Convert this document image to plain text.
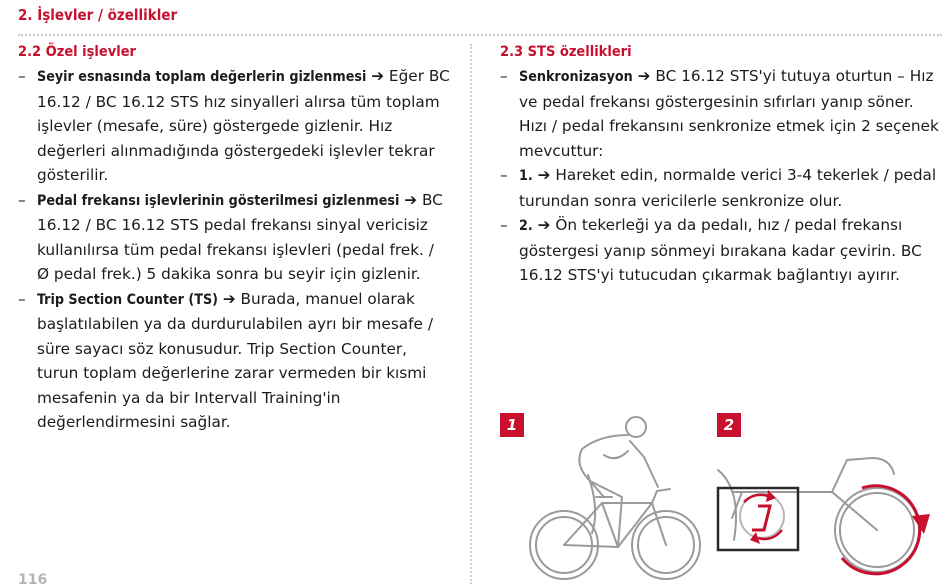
2. İşlevler / özellikler
2.2 Özel işlevler
– Seyir esnasında toplam değerlerin gizlenmesi ➔ Eğer BC 16.12 / BC 16.12 STS hız sinyalleri alırsa tüm toplam işlevler (mesafe, süre) göstergede gizlenir. Hız değerleri alınmadığında göstergedeki işlevler tekrar gösterilir.
– Pedal frekansı işlevlerinin gösterilmesi gizlenmesi ➔ BC 16.12 / BC 16.12 STS pedal frekansı sinyal vericisiz kullanılırsa tüm pedal frekansı işlevleri (pedal frek. / Ø pedal frek.) 5 dakika sonra bu seyir için gizlenir.
– Trip Section Counter (TS) ➔ Burada, manuel olarak başlatılabilen ya da durdurulabilen ayrı bir mesafe / süre sayacı söz konusudur. Trip Section Counter, turun toplam değerlerine zarar vermeden bir kısmi mesafenin ya da bir Intervall Training'in değerlendirmesini sağlar.
2.3 STS özellikleri
– Senkronizasyon ➔ BC 16.12 STS'yi tutuya oturtun – Hız ve pedal frekansı göstergesinin sıfırları yanıp söner. Hızı / pedal frekansını senkronize etmek için 2 seçenek mevcuttur:
– 1. ➔ Hareket edin, normalde verici 3-4 tekerlek / pedal turundan sonra vericilerle senkronize olur.
– 2. ➔ Ön tekerleği ya da pedalı, hız / pedal frekansı göstergesi yanıp sönmeyi bırakana kadar çevirin. BC 16.12 STS'yi tutucudan çıkarmak bağlantıyı ayırır.
1	2
116
